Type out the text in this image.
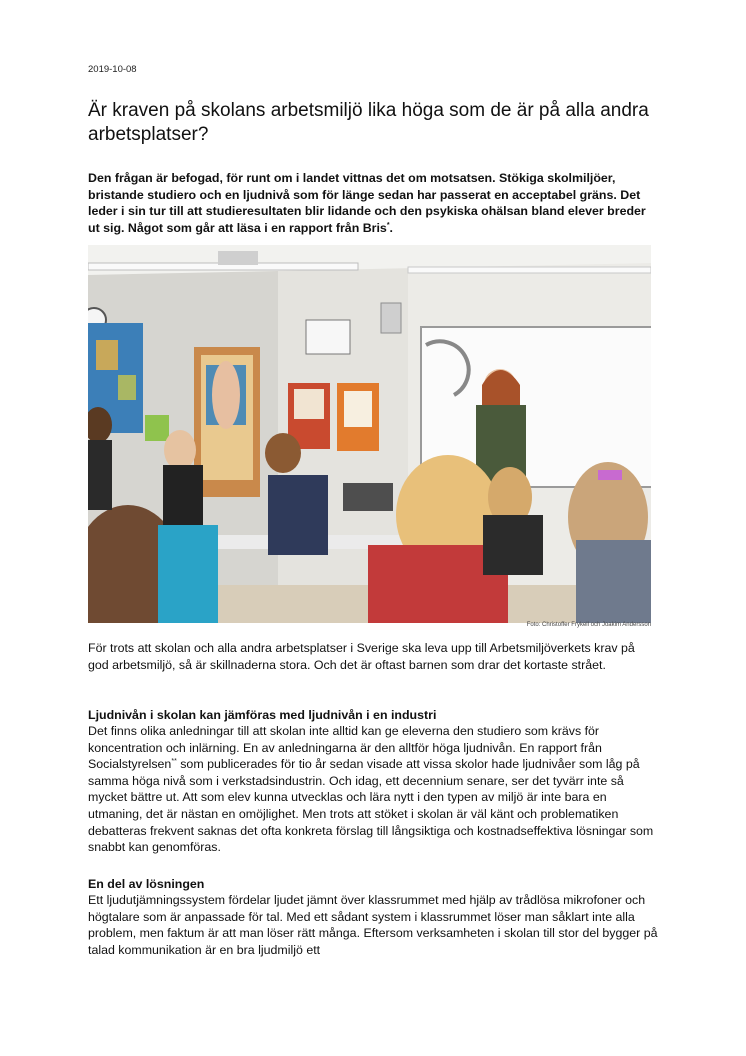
2019-10-08
Är kraven på skolans arbetsmiljö lika höga som de är på alla andra arbetsplatser?

Den frågan är befogad, för runt om i landet vittnas det om motsatsen. Stökiga skolmiljöer, bristande studiero och en ljudnivå som för länge sedan har passerat en acceptabel gräns. Det leder i sin tur till att studieresultaten blir lidande och den psykiska ohälsan bland elever breder ut sig. Något som går att läsa i en rapport från Bris*.

Foto: Christoffer Frykell och Joakim Andersson

För trots att skolan och alla andra arbetsplatser i Sverige ska leva upp till Arbetsmiljöverkets krav på god arbetsmiljö, så är skillnaderna stora. Och det är oftast barnen som drar det kortaste strået.

Ljudnivån i skolan kan jämföras med ljudnivån i en industri

Det finns olika anledningar till att skolan inte alltid kan ge eleverna den studiero som krävs för koncentration och inlärning. En av anledningarna är den alltför höga ljudnivån. En rapport från Socialstyrelsen** som publicerades för tio år sedan visade att vissa skolor hade ljudnivåer som låg på samma höga nivå som i verkstadsindustrin. Och idag, ett decennium senare, ser det tyvärr inte så mycket bättre ut. Att som elev kunna utvecklas och lära nytt i den typen av miljö är inte bara en utmaning, det är nästan en omöjlighet. Men trots att stöket i skolan är väl känt och problematiken debatteras frekvent saknas det ofta konkreta förslag till långsiktiga och kostnadseffektiva lösningar som snabbt kan genomföras.

En del av lösningen

Ett ljudutjämningssystem fördelar ljudet jämnt över klassrummet med hjälp av trådlösa mikrofoner och högtalare som är anpassade för tal. Med ett sådant system i klassrummet löser man såklart inte alla problem, men faktum är att man löser rätt många. Eftersom verksamheten i skolan till stor del bygger på talad kommunikation är en bra ljudmiljö ett
